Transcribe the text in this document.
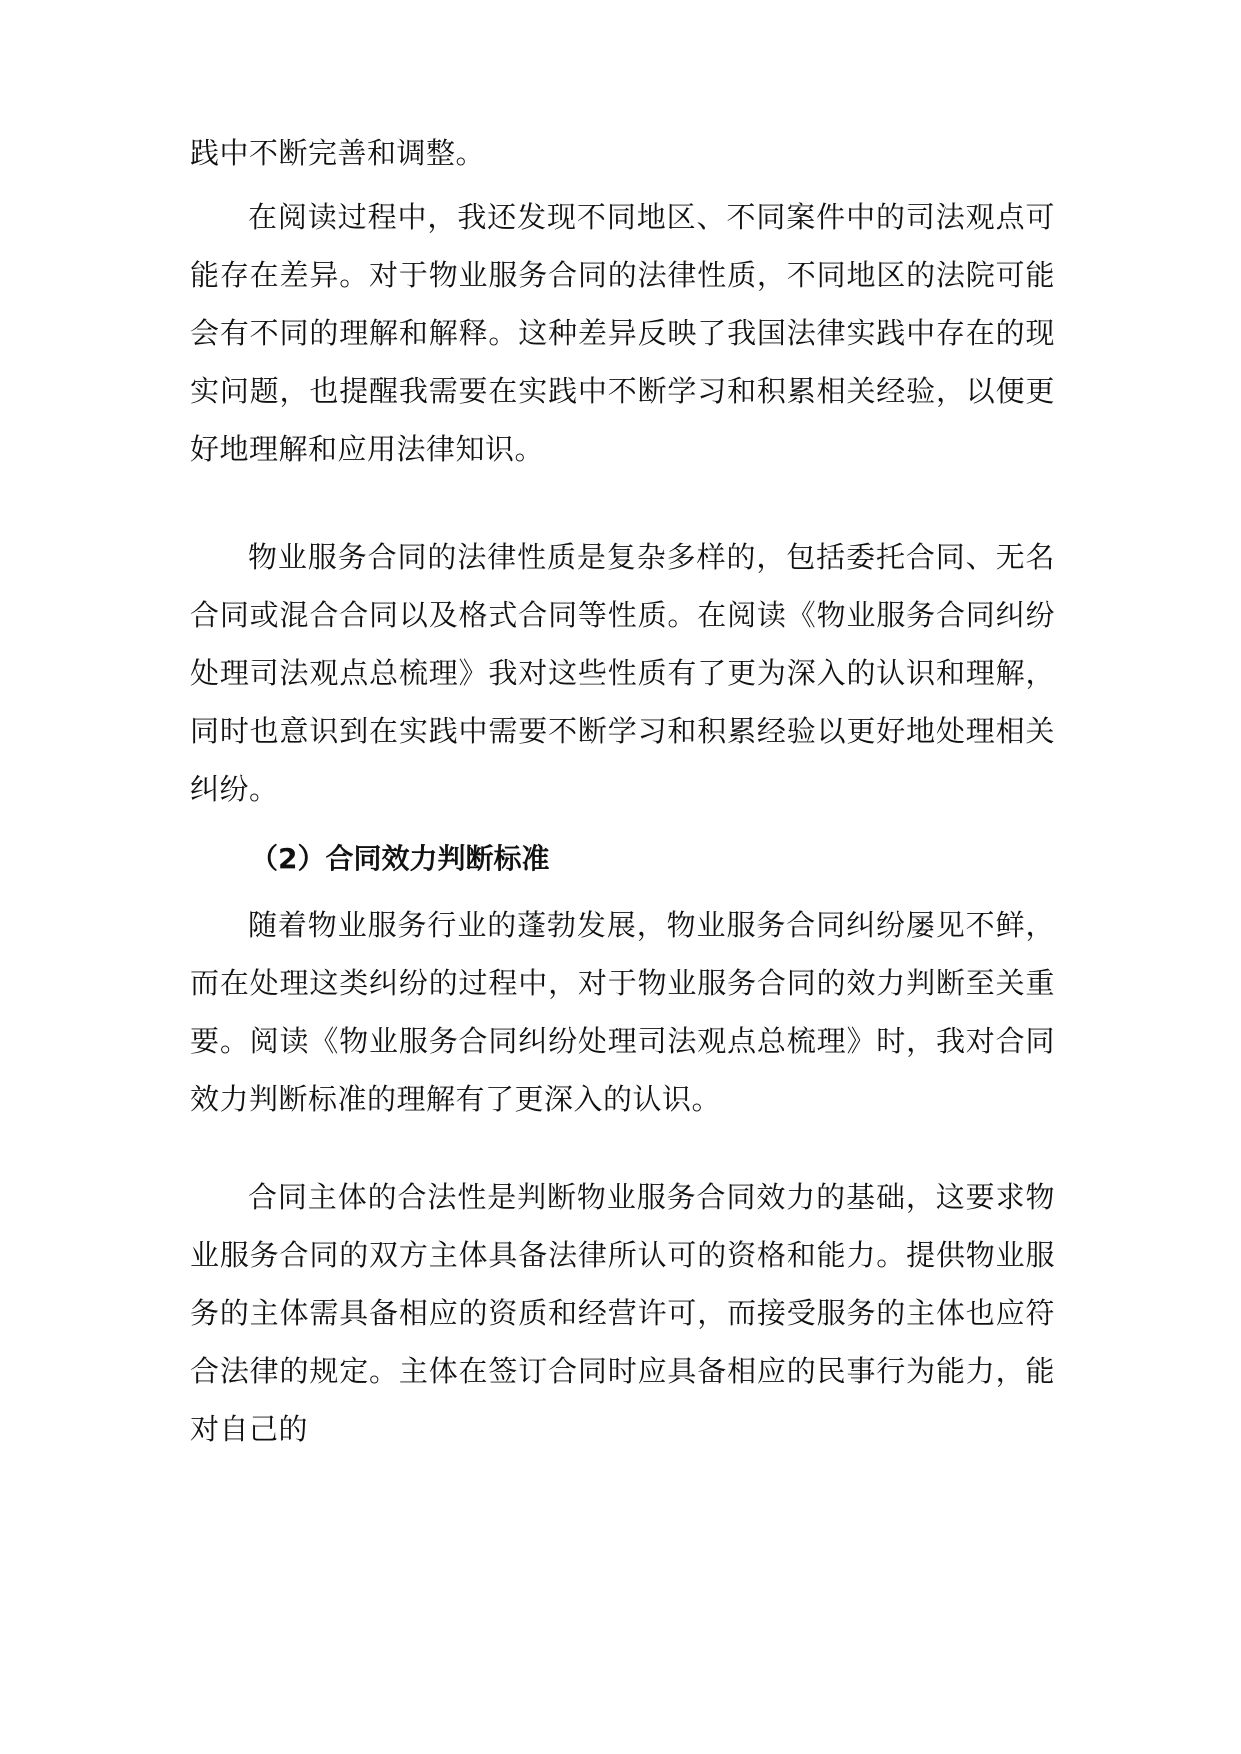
践中不断完善和调整。
在阅读过程中，我还发现不同地区、不同案件中的司法观点可能存在差异。对于物业服务合同的法律性质，不同地区的法院可能会有不同的理解和解释。这种差异反映了我国法律实践中存在的现实问题，也提醒我需要在实践中不断学习和积累相关经验，以便更好地理解和应用法律知识。
物业服务合同的法律性质是复杂多样的，包括委托合同、无名合同或混合合同以及格式合同等性质。在阅读《物业服务合同纠纷处理司法观点总梳理》我对这些性质有了更为深入的认识和理解，同时也意识到在实践中需要不断学习和积累经验以更好地处理相关纠纷。
（2）合同效力判断标准
随着物业服务行业的蓬勃发展，物业服务合同纠纷屡见不鲜，而在处理这类纠纷的过程中，对于物业服务合同的效力判断至关重要。阅读《物业服务合同纠纷处理司法观点总梳理》时，我对合同效力判断标准的理解有了更深入的认识。
合同主体的合法性是判断物业服务合同效力的基础，这要求物业服务合同的双方主体具备法律所认可的资格和能力。提供物业服务的主体需具备相应的资质和经营许可，而接受服务的主体也应符合法律的规定。主体在签订合同时应具备相应的民事行为能力，能对自己的
